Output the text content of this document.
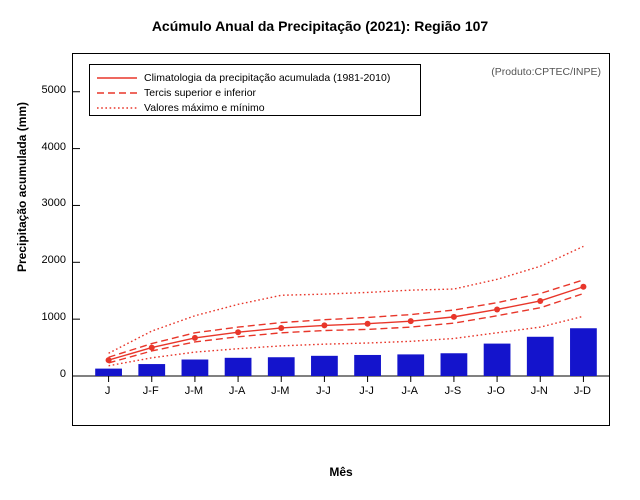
Acúmulo Anual da Precipitação (2021): Região 107
Precipitação acumulada (mm)
Mês
Climatologia da precipitação acumulada (1981-2010)
Tercis superior e inferior
Valores máximo e mínimo
(Produto:CPTEC/INPE)
0
1000
2000
3000
4000
5000
J	J-F	J-M	J-A	J-M	J-J	J-J	J-A	J-S	J-O	J-N	J-D
